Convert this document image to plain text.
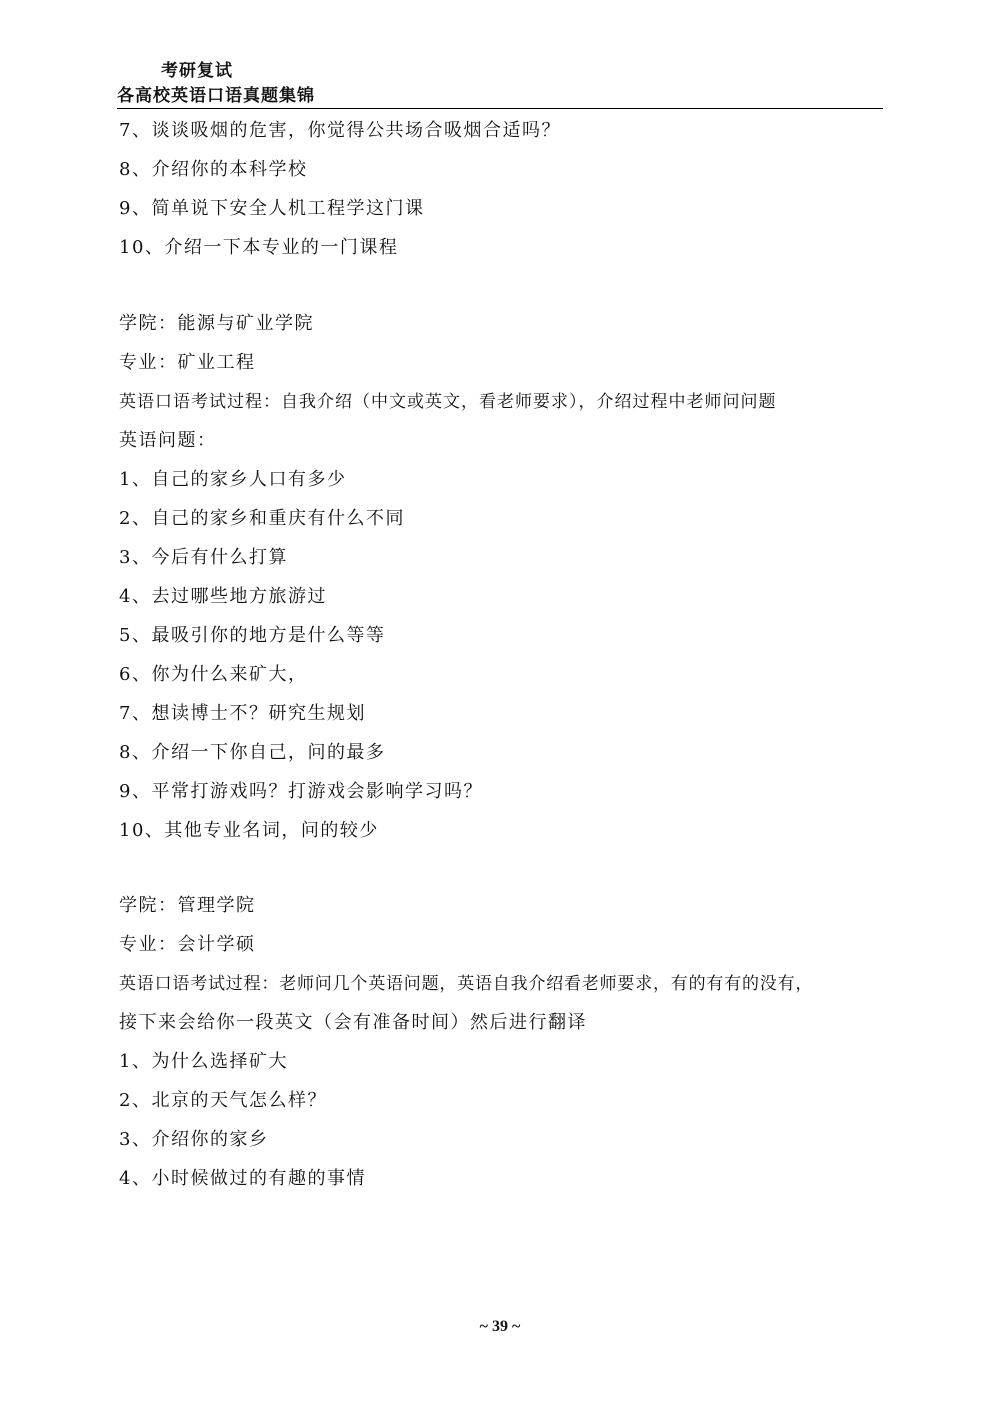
考研复试
各高校英语口语真题集锦
7、谈谈吸烟的危害，你觉得公共场合吸烟合适吗？
8、介绍你的本科学校
9、简单说下安全人机工程学这门课
10、介绍一下本专业的一门课程
学院：能源与矿业学院
专业：矿业工程
英语口语考试过程：自我介绍（中文或英文，看老师要求），介绍过程中老师问问题
英语问题：
1、自己的家乡人口有多少
2、自己的家乡和重庆有什么不同
3、今后有什么打算
4、去过哪些地方旅游过
5、最吸引你的地方是什么等等
6、你为什么来矿大，
7、想读博士不？研究生规划
8、介绍一下你自己，问的最多
9、平常打游戏吗？打游戏会影响学习吗？
10、其他专业名词，问的较少
学院：管理学院
专业：会计学硕
英语口语考试过程：老师问几个英语问题，英语自我介绍看老师要求，有的有有的没有，
接下来会给你一段英文（会有准备时间）然后进行翻译
1、为什么选择矿大
2、北京的天气怎么样？
3、介绍你的家乡
4、小时候做过的有趣的事情
~ 39 ~
